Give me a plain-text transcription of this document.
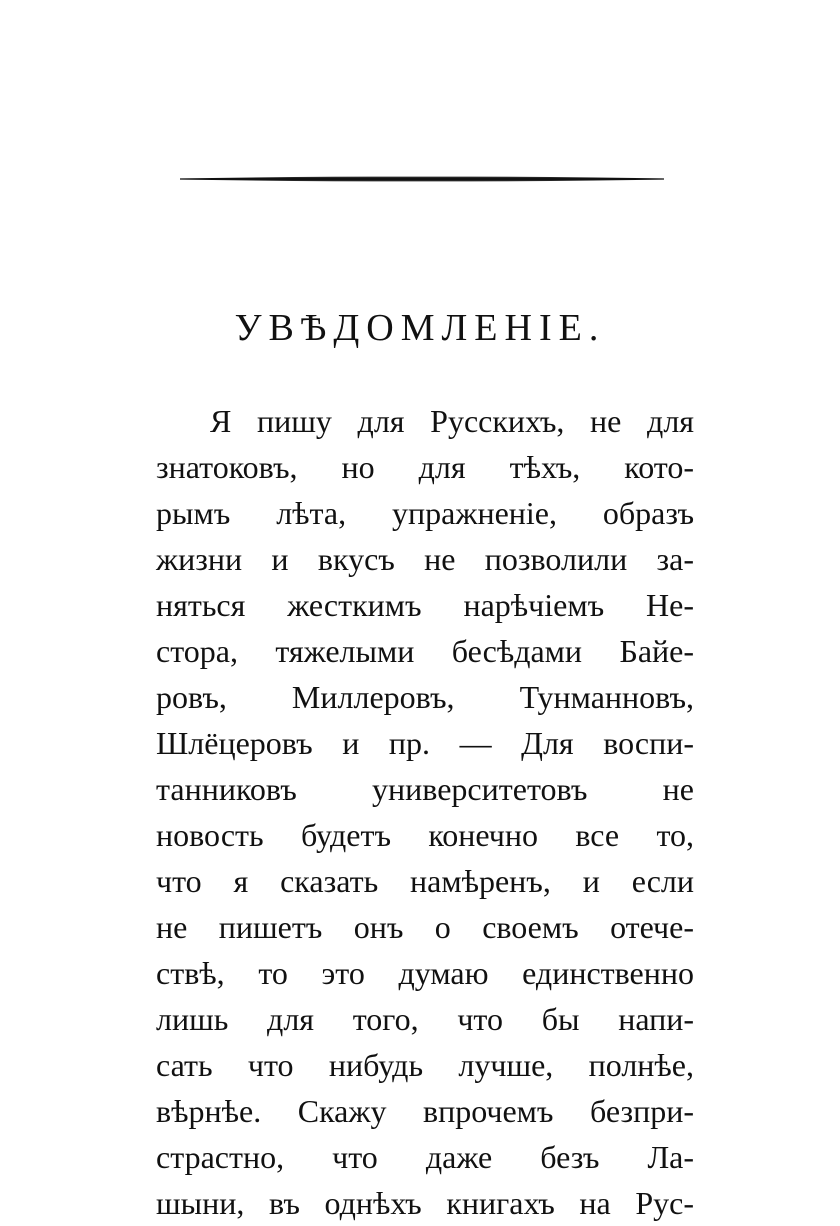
УВѢДОМЛЕНІЕ.
Я пишу для Русскихъ, не для
знатоковъ, но для тѣхъ, кото-
рымъ лѣта, упражненіе, образъ
жизни и вкусъ не позволили за-
няться жесткимъ нарѣчіемъ Не-
стора, тяжелыми бесѣдами Байе-
ровъ, Миллеровъ, Тунманновъ,
Шлёцеровъ и пр. — Для воспи-
танниковъ университетовъ не
новость будетъ конечно все то,
что я сказать намѣренъ, и если
не пишетъ онъ о своемъ отече-
ствѣ, то это думаю единственно
лишь для того, что бы напи-
сать что нибудь лучше, полнѣе,
вѣрнѣе. Скажу впрочемъ безпри-
страстно, что даже безъ Ла-
шыни, въ однѣхъ книгахъ на Рус-
